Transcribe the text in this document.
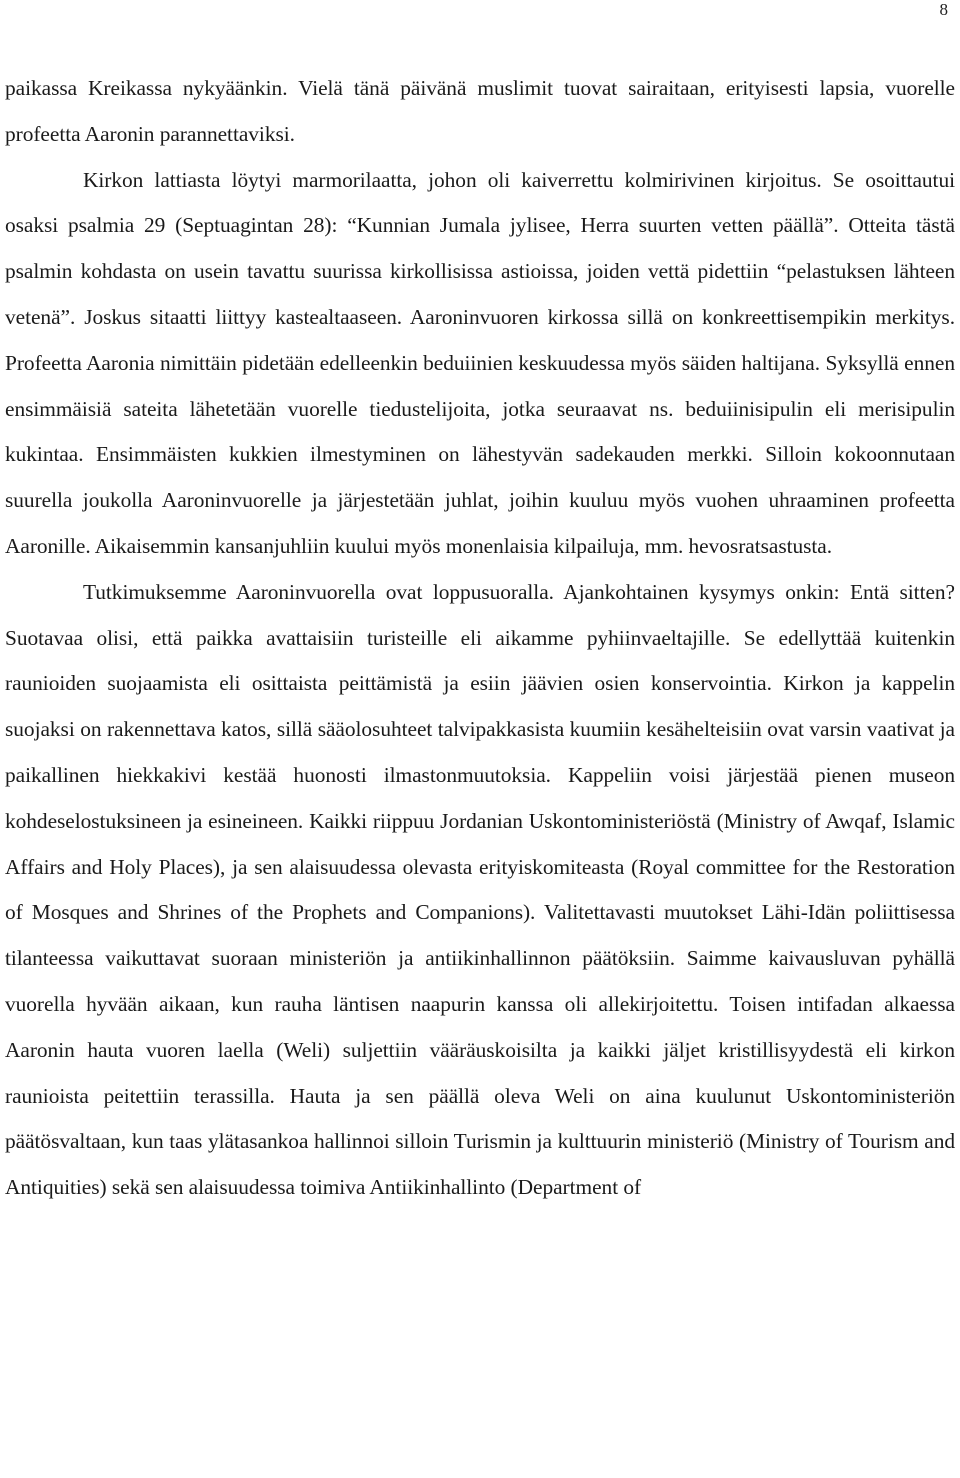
8

paikassa Kreikassa nykyäänkin. Vielä tänä päivänä muslimit tuovat sairaitaan, erityisesti lapsia, vuorelle profeetta Aaronin parannettaviksi.

Kirkon lattiasta löytyi marmorilaatta, johon oli kaiverrettu kolmirivinen kirjoitus. Se osoittautui osaksi psalmia 29 (Septuagintan 28): “Kunnian Jumala jylisee, Herra suurten vetten päällä”. Otteita tästä psalmin kohdasta on usein tavattu suurissa kirkollisissa astioissa, joiden vettä pidettiin “pelastuksen lähteen vetenä”. Joskus sitaatti liittyy kastealtaaseen. Aaroninvuoren kirkossa sillä on konkreettisempikin merkitys. Profeetta Aaronia nimittäin pidetään edelleenkin beduiinien keskuudessa myös säiden haltijana. Syksyllä ennen ensimmäisiä sateita lähetetään vuorelle tiedustelijoita, jotka seuraavat ns. beduiinisipulin eli merisipulin kukintaa. Ensimmäisten kukkien ilmestyminen on lähestyvän sadekauden merkki. Silloin kokoonnutaan suurella joukolla Aaroninvuorelle ja järjestetään juhlat, joihin kuuluu myös vuohen uhraaminen profeetta Aaronille. Aikaisemmin kansanjuhliin kuului myös monenlaisia kilpailuja, mm. hevosratsastusta.

Tutkimuksemme Aaroninvuorella ovat loppusuoralla. Ajankohtainen kysymys onkin: Entä sitten? Suotavaa olisi, että paikka avattaisiin turisteille eli aikamme pyhiinvaeltajille. Se edellyttää kuitenkin raunioiden suojaamista eli osittaista peittämistä ja esiin jäävien osien konservointia. Kirkon ja kappelin suojaksi on rakennettava katos, sillä sääolosuhteet talvipakkasista kuumiin kesähelteisiin ovat varsin vaativat ja paikallinen hiekkakivi kestää huonosti ilmastonmuutoksia. Kappeliin voisi järjestää pienen museon kohdeselostuksineen ja esineineen. Kaikki riippuu Jordanian Uskontoministeriöstä (Ministry of Awqaf, Islamic Affairs and Holy Places), ja sen alaisuudessa olevasta erityiskomiteasta (Royal committee for the Restoration of Mosques and Shrines of the Prophets and Companions). Valitettavasti muutokset Lähi-Idän poliittisessa tilanteessa vaikuttavat suoraan ministeriön ja antiikinhallinnon päätöksiin. Saimme kaivausluvan pyhällä vuorella hyvään aikaan, kun rauha läntisen naapurin kanssa oli allekirjoitettu. Toisen intifadan alkaessa Aaronin hauta vuoren laella (Weli) suljettiin vääräuskoisilta ja kaikki jäljet kristillisyydestä eli kirkon raunioista peitettiin terassilla. Hauta ja sen päällä oleva Weli on aina kuulunut Uskontoministeriön päätösvaltaan, kun taas ylätasankoa hallinnoi silloin Turismin ja kulttuurin ministeriö (Ministry of Tourism and Antiquities) sekä sen alaisuudessa toimiva Antiikinhallinto (Department of
